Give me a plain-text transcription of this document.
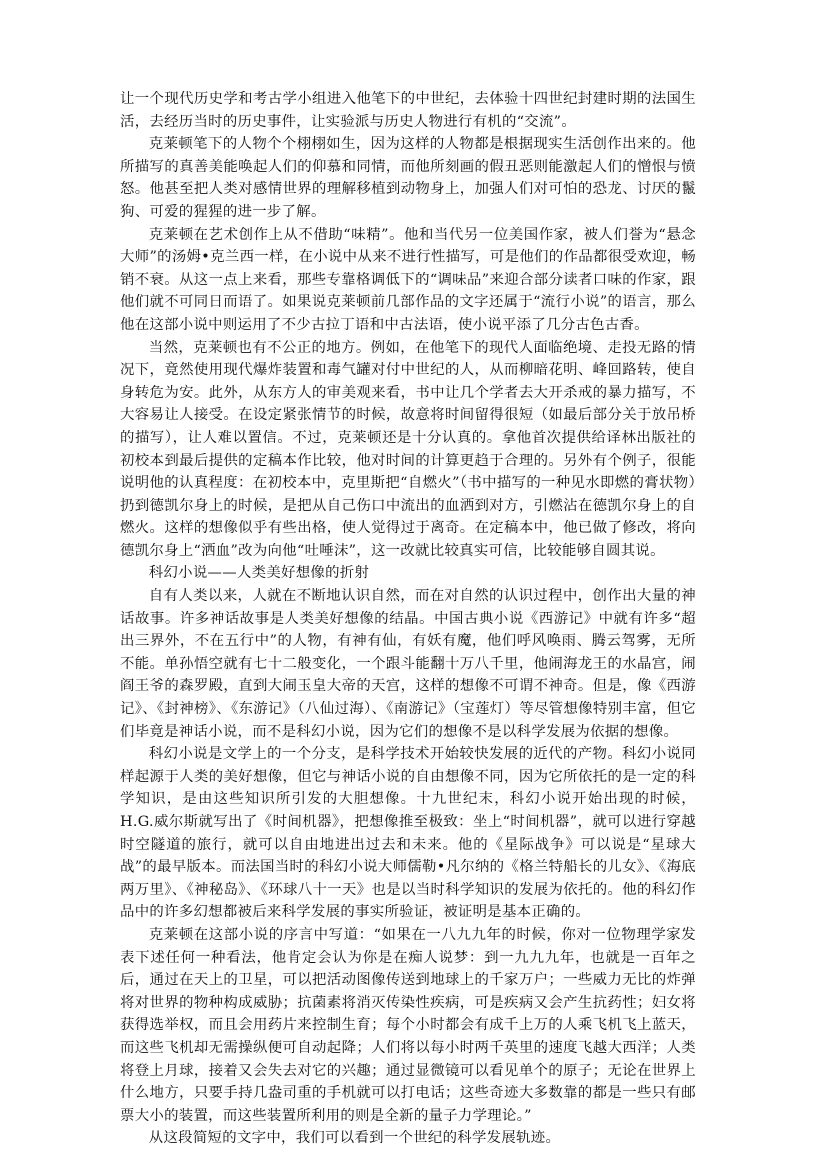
让一个现代历史学和考古学小组进入他笔下的中世纪，去体验十四世纪封建时期的法国生活，去经历当时的历史事件，让实验派与历史人物进行有机的“交流”。

克莱顿笔下的人物个个栩栩如生，因为这样的人物都是根据现实生活创作出来的。他所描写的真善美能唤起人们的仰慕和同情，而他所刻画的假丑恶则能激起人们的憎恨与愤怒。他甚至把人类对感情世界的理解移植到动物身上，加强人们对可怕的恐龙、讨厌的鬣狗、可爱的猩猩的进一步了解。

克莱顿在艺术创作上从不借助“味精”。他和当代另一位美国作家，被人们誉为“悬念大师”的汤姆•克兰西一样，在小说中从来不进行性描写，可是他们的作品都很受欢迎，畅销不衰。从这一点上来看，那些专靠格调低下的“调味品”来迎合部分读者口味的作家，跟他们就不可同日而语了。如果说克莱顿前几部作品的文字还属于“流行小说”的语言，那么他在这部小说中则运用了不少古拉丁语和中古法语，使小说平添了几分古色古香。

当然，克莱顿也有不公正的地方。例如，在他笔下的现代人面临绝境、走投无路的情况下，竟然使用现代爆炸装置和毒气罐对付中世纪的人，从而柳暗花明、峰回路转，使自身转危为安。此外，从东方人的审美观来看，书中让几个学者去大开杀戒的暴力描写，不大容易让人接受。在设定紧张情节的时候，故意将时间留得很短（如最后部分关于放吊桥的描写），让人难以置信。不过，克莱顿还是十分认真的。拿他首次提供给译林出版社的初校本到最后提供的定稿本作比较，他对时间的计算更趋于合理的。另外有个例子，很能说明他的认真程度：在初校本中，克里斯把“自燃火”（书中描写的一种见水即燃的膏状物）扔到德凯尔身上的时候，是把从自己伤口中流出的血洒到对方，引燃沾在德凯尔身上的自燃火。这样的想像似乎有些出格，使人觉得过于离奇。在定稿本中，他已做了修改，将向德凯尔身上“洒血”改为向他“吐唾沫”，这一改就比较真实可信，比较能够自圆其说。

科幻小说——人类美好想像的折射

自有人类以来，人就在不断地认识自然，而在对自然的认识过程中，创作出大量的神话故事。许多神话故事是人类美好想像的结晶。中国古典小说《西游记》中就有许多“超出三界外，不在五行中”的人物，有神有仙，有妖有魔，他们呼风唤雨、腾云驾雾，无所不能。单孙悟空就有七十二般变化，一个跟斗能翻十万八千里，他闹海龙王的水晶宫，闹阎王爷的森罗殿，直到大闹玉皇大帝的天宫，这样的想像不可谓不神奇。但是，像《西游记》、《封神榜》、《东游记》（八仙过海）、《南游记》（宝莲灯）等尽管想像特别丰富，但它们毕竟是神话小说，而不是科幻小说，因为它们的想像不是以科学发展为依据的想像。

科幻小说是文学上的一个分支，是科学技术开始较快发展的近代的产物。科幻小说同样起源于人类的美好想像，但它与神话小说的自由想像不同，因为它所依托的是一定的科学知识，是由这些知识所引发的大胆想像。十九世纪末，科幻小说开始出现的时候，H.G.威尔斯就写出了《时间机器》，把想像推至极致：坐上“时间机器”，就可以进行穿越时空隧道的旅行，就可以自由地进出过去和未来。他的《星际战争》可以说是“星球大战”的最早版本。而法国当时的科幻小说大师儒勒•凡尔纳的《格兰特船长的儿女》、《海底两万里》、《神秘岛》、《环球八十一天》也是以当时科学知识的发展为依托的。他的科幻作品中的许多幻想都被后来科学发展的事实所验证，被证明是基本正确的。

克莱顿在这部小说的序言中写道：“如果在一八九九年的时候，你对一位物理学家发表下述任何一种看法，他肯定会认为你是在痴人说梦：到一九九九年，也就是一百年之后，通过在天上的卫星，可以把活动图像传送到地球上的千家万户；一些威力无比的炸弹将对世界的物种构成威胁；抗菌素将消灭传染性疾病，可是疾病又会产生抗药性；妇女将获得选举权，而且会用药片来控制生育；每个小时都会有成千上万的人乘飞机飞上蓝天，而这些飞机却无需操纵便可自动起降；人们将以每小时两千英里的速度飞越大西洋；人类将登上月球，接着又会失去对它的兴趣；通过显微镜可以看见单个的原子；无论在世界上什么地方，只要手持几盎司重的手机就可以打电话；这些奇迹大多数靠的都是一些只有邮票大小的装置，而这些装置所利用的则是全新的量子力学理论。”

从这段简短的文字中，我们可以看到一个世纪的科学发展轨迹。
